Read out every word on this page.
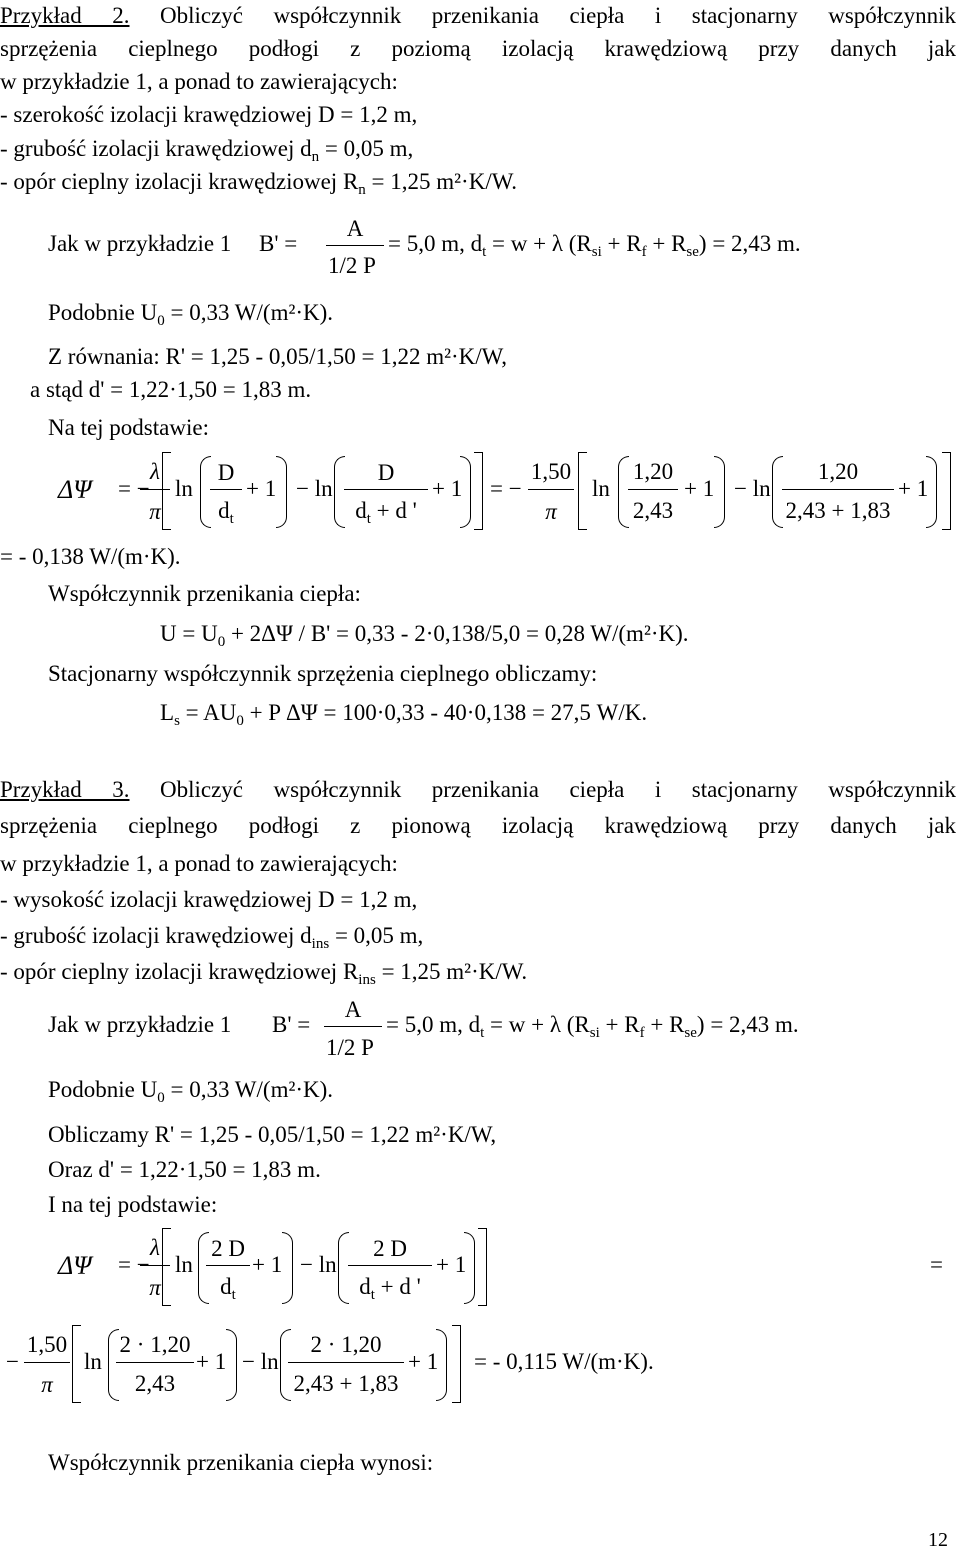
Przykład 2. Obliczyć współczynnik przenikania ciepła i stacjonarny współczynnik
sprzężenia cieplnego podłogi z poziomą izolacją krawędziową przy danych jak
w przykładzie 1, a ponad to zawierających:
- szerokość izolacji krawędziowej D = 1,2 m,
- grubość izolacji krawędziowej $d_n = 0,05$ m,
- opór cieplny izolacji krawędziowej $R_n = 1,25$ m²·K/W.
Jak w przykładzie 1 B' =
A
1/2 P
= 5,0 m, $d_t = w + \lambda$ $(R_{si} + R_f + R_{se}) = 2,43$ m.
Podobnie $U_0 = 0,33$ W/(m²·K).
Z równania: R' = 1,25 - 0,05/1,50 = 1,22 m²·K/W,
a stąd d' = 1,22·1,50 = 1,83 m.
Na tej podstawie:
ΔΨ = −
λ
π
ln
D
$d_t$
+ 1 − ln
D
$d_t + d$ '
+ 1 = −
1,50
π
ln
1,20
2,43
+ 1 − ln
1,20
2,43 + 1,83
+ 1
= - 0,138 W/(m·K).
Współczynnik przenikania ciepła:
$U = U_0 + 2\Delta\Psi / B' = 0,33 - 2\cdot 0,138/5,0 = 0,28$ W/(m²·K).
Stacjonarny współczynnik sprzężenia cieplnego obliczamy:
$L_s = AU_0 + P$ ΔΨ = 100·0,33 - 40·0,138 = 27,5 W/K.
Przykład 3. Obliczyć współczynnik przenikania ciepła i stacjonarny współczynnik
sprzężenia cieplnego podłogi z pionową izolacją krawędziową przy danych jak
w przykładzie 1, a ponad to zawierających:
- wysokość izolacji krawędziowej D = 1,2 m,
- grubość izolacji krawędziowej $d_{ins} = 0,05$ m,
- opór cieplny izolacji krawędziowej $R_{ins} = 1,25$ m²·K/W.
Jak w przykładzie 1 B' =
A
1/2 P
= 5,0 m, $d_t = w + \lambda$ $(R_{si} + R_f + R_{se}) = 2,43$ m.
Podobnie $U_0 = 0,33$ W/(m²·K).
Obliczamy R' = 1,25 - 0,05/1,50 = 1,22 m²·K/W,
Oraz d' = 1,22·1,50 = 1,83 m.
I na tej podstawie:
ΔΨ = −
λ
π
ln
2 D
$d_t$
+ 1 − ln
2 D
$d_t + d$ '
+ 1	=
−
1,50
π
ln
2 · 1,20
2,43
+ 1 − ln
2 · 1,20
2,43 + 1,83
+ 1 = - 0,115 W/(m·K).
Współczynnik przenikania ciepła wynosi:
12
